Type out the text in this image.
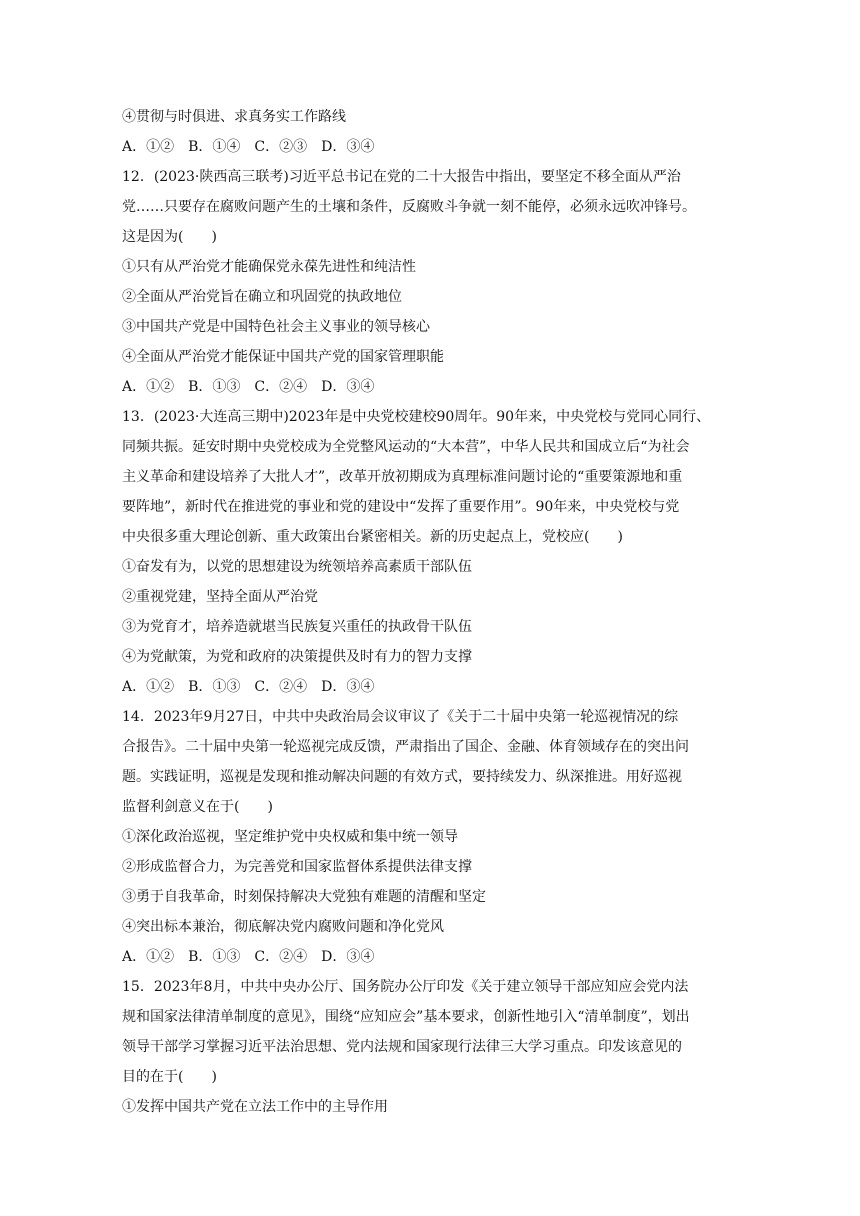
④贯彻与时俱进、求真务实工作路线
A．①②　B．①④　C．②③　D．③④
12．(2023·陕西高三联考)习近平总书记在党的二十大报告中指出，要坚定不移全面从严治
党……只要存在腐败问题产生的土壤和条件，反腐败斗争就一刻不能停，必须永远吹冲锋号。
这是因为(　　)
①只有从严治党才能确保党永葆先进性和纯洁性
②全面从严治党旨在确立和巩固党的执政地位
③中国共产党是中国特色社会主义事业的领导核心
④全面从严治党才能保证中国共产党的国家管理职能
A．①②　B．①③　C．②④　D．③④
13．(2023·大连高三期中)2023年是中央党校建校90周年。90年来，中央党校与党同心同行、
同频共振。延安时期中央党校成为全党整风运动的“大本营”，中华人民共和国成立后“为社会
主义革命和建设培养了大批人才”，改革开放初期成为真理标准问题讨论的“重要策源地和重
要阵地”，新时代在推进党的事业和党的建设中“发挥了重要作用”。90年来，中央党校与党
中央很多重大理论创新、重大政策出台紧密相关。新的历史起点上，党校应(　　)
①奋发有为，以党的思想建设为统领培养高素质干部队伍
②重视党建，坚持全面从严治党
③为党育才，培养造就堪当民族复兴重任的执政骨干队伍
④为党献策，为党和政府的决策提供及时有力的智力支撑
A．①②　B．①③　C．②④　D．③④
14．2023年9月27日，中共中央政治局会议审议了《关于二十届中央第一轮巡视情况的综
合报告》。二十届中央第一轮巡视完成反馈，严肃指出了国企、金融、体育领域存在的突出问
题。实践证明，巡视是发现和推动解决问题的有效方式，要持续发力、纵深推进。用好巡视
监督利剑意义在于(　　)
①深化政治巡视，坚定维护党中央权威和集中统一领导
②形成监督合力，为完善党和国家监督体系提供法律支撑
③勇于自我革命，时刻保持解决大党独有难题的清醒和坚定
④突出标本兼治，彻底解决党内腐败问题和净化党风
A．①②　B．①③　C．②④　D．③④
15．2023年8月，中共中央办公厅、国务院办公厅印发《关于建立领导干部应知应会党内法
规和国家法律清单制度的意见》，围绕“应知应会”基本要求，创新性地引入“清单制度”，划出
领导干部学习掌握习近平法治思想、党内法规和国家现行法律三大学习重点。印发该意见的
目的在于(　　)
①发挥中国共产党在立法工作中的主导作用
